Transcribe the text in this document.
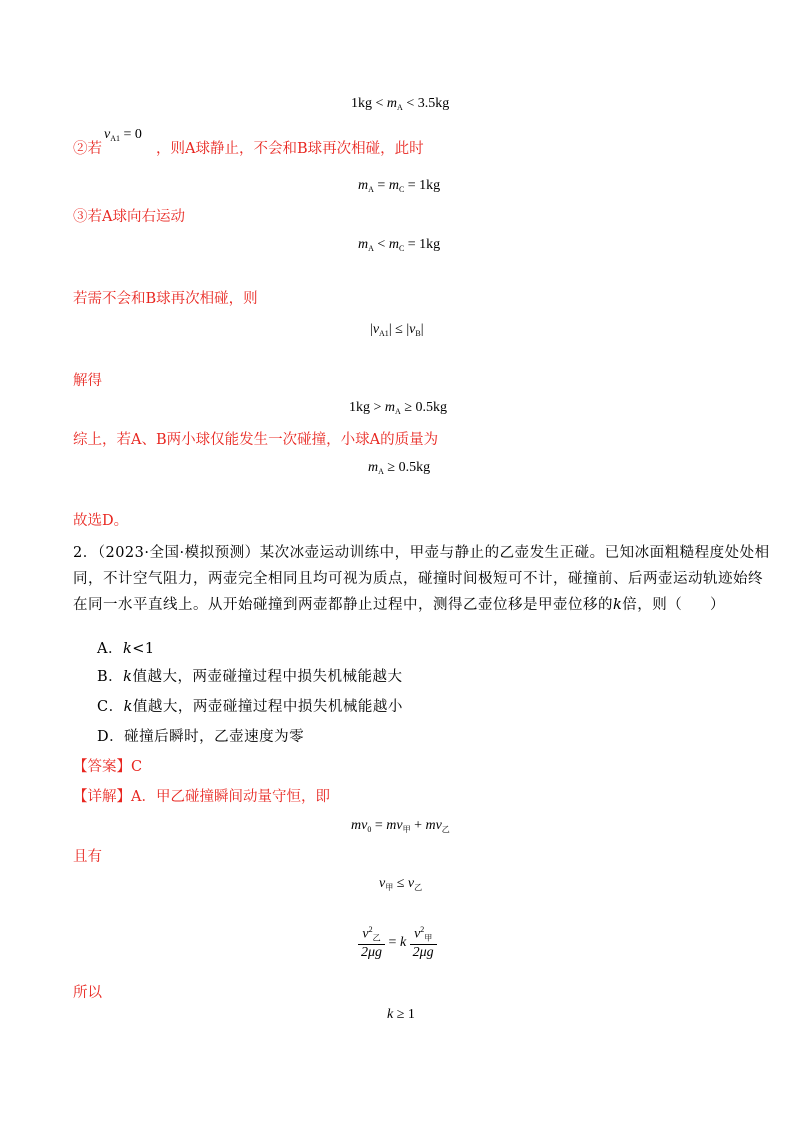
$1kg < m_A < 3.5kg$
$v_{A1} = 0$
②若	，则A球静止，不会和B球再次相碰，此时
$m_A = m_C = 1kg$
③若A球向右运动
$m_A < m_C = 1kg$
若需不会和B球再次相碰，则
$|v_{A1}| \le |v_B|$
解得
$1kg > m_A \ge 0.5kg$
综上，若A、B两小球仅能发生一次碰撞，小球A的质量为
$m_A \ge 0.5kg$
故选D。
2．（2023·全国·模拟预测）某次冰壶运动训练中，甲壶与静止的乙壶发生正碰。已知冰面粗糙程度处处相
同，不计空气阻力，两壶完全相同且均可视为质点，碰撞时间极短可不计，碰撞前、后两壶运动轨迹始终
在同一水平直线上。从开始碰撞到两壶都静止过程中，测得乙壶位移是甲壶位移的k倍，则（ ）
A．k<1
B．k值越大，两壶碰撞过程中损失机械能越大
C．k值越大，两壶碰撞过程中损失机械能越小
D．碰撞后瞬时，乙壶速度为零
【答案】C
【详解】A．甲乙碰撞瞬间动量守恒，即
$mv_0 = mv_甲 + mv_乙$
且有
$v_甲 \le v_乙$
$\frac{v^2_乙}{2\mu g} = k \frac{v^2_甲}{2\mu g}$
所以
k ≥ 1
